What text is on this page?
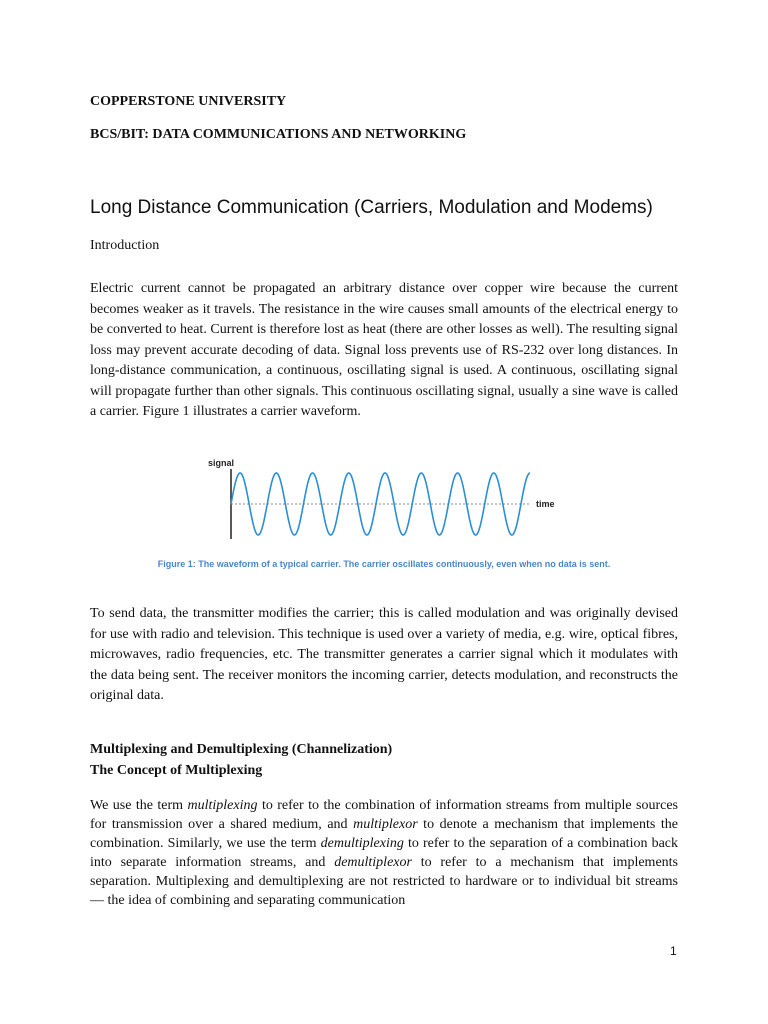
COPPERSTONE UNIVERSITY
BCS/BIT: DATA COMMUNICATIONS AND NETWORKING
Long Distance Communication (Carriers, Modulation and Modems)
Introduction

Electric current cannot be propagated an arbitrary distance over copper wire because the current becomes weaker as it travels. The resistance in the wire causes small amounts of the electrical energy to be converted to heat. Current is therefore lost as heat (there are other losses as well). The resulting signal loss may prevent accurate decoding of data. Signal loss prevents use of RS-232 over long distances. In long-distance communication, a continuous, oscillating signal is used. A continuous, oscillating signal will propagate further than other signals. This continuous oscillating signal, usually a sine wave is called a carrier. Figure 1 illustrates a carrier waveform.

signal
time
Figure 1: The waveform of a typical carrier. The carrier oscillates continuously, even when no data is sent.

To send data, the transmitter modifies the carrier; this is called modulation and was originally devised for use with radio and television. This technique is used over a variety of media, e.g. wire, optical fibres, microwaves, radio frequencies, etc. The transmitter generates a carrier signal which it modulates with the data being sent. The receiver monitors the incoming carrier, detects modulation, and reconstructs the original data.

Multiplexing and Demultiplexing (Channelization)
The Concept of Multiplexing

We use the term multiplexing to refer to the combination of information streams from multiple sources for transmission over a shared medium, and multiplexor to denote a mechanism that implements the combination. Similarly, we use the term demultiplexing to refer to the separation of a combination back into separate information streams, and demultiplexor to refer to a mechanism that implements separation. Multiplexing and demultiplexing are not restricted to hardware or to individual bit streams — the idea of combining and separating communication

1
